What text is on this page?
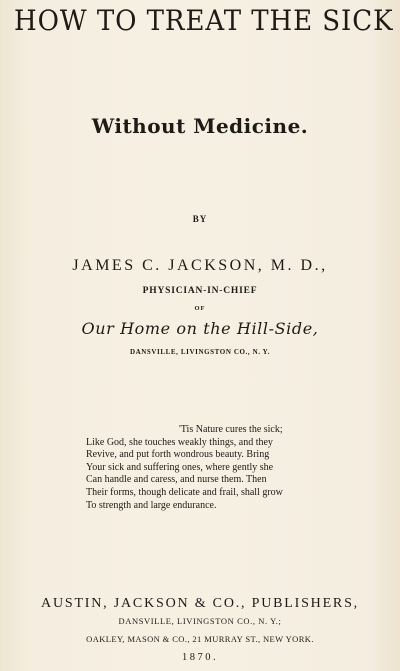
HOW TO TREAT THE SICK
Without Medicine.
BY
JAMES C. JACKSON, M. D.,
PHYSICIAN-IN-CHIEF
OF
Our Home on the Hill-Side,
DANSVILLE, LIVINGSTON CO., N. Y.
'Tis Nature cures the sick;
Like God, she touches weakly things, and they
Revive, and put forth wondrous beauty. Bring
Your sick and suffering ones, where gently she
Can handle and caress, and nurse them. Then
Their forms, though delicate and frail, shall grow
To strength and large endurance.
AUSTIN, JACKSON & CO., PUBLISHERS,
DANSVILLE, LIVINGSTON CO., N. Y.;
OAKLEY, MASON & CO., 21 MURRAY ST., NEW YORK.
1870.
